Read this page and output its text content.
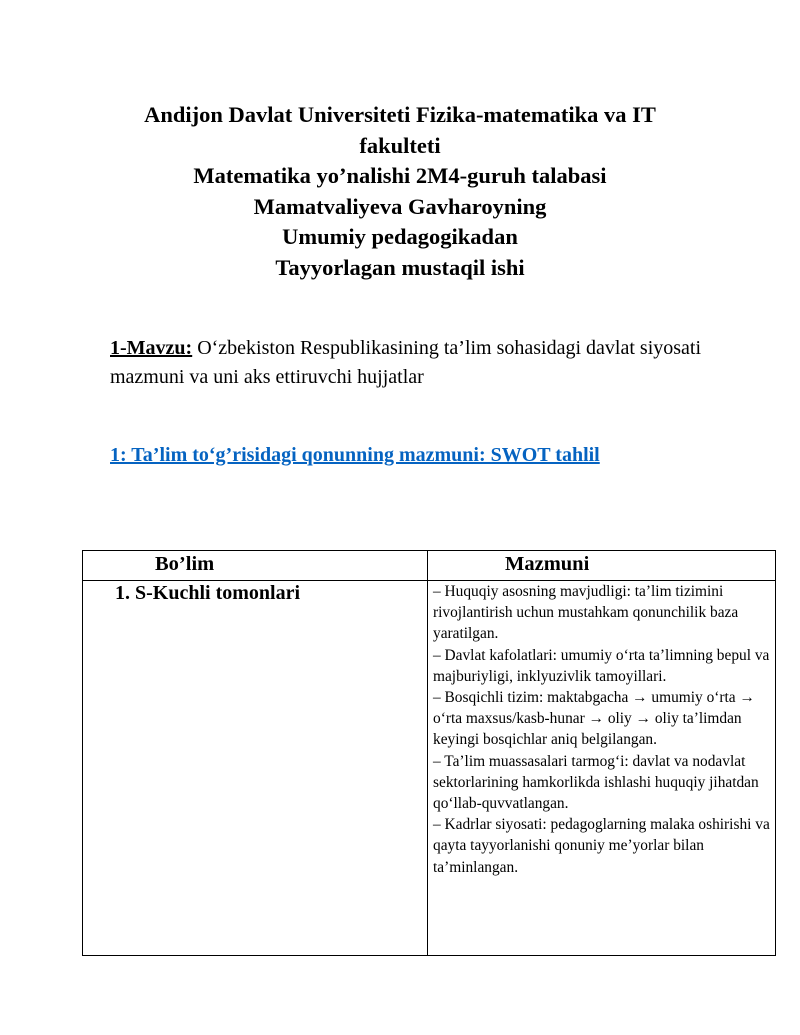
Andijon Davlat Universiteti Fizika-matematika va IT
fakulteti
Matematika yo’nalishi 2M4-guruh talabasi
Mamatvaliyeva Gavharoyning
Umumiy pedagogikadan
Tayyorlagan mustaqil ishi
1-Mavzu: O‘zbekiston Respublikasining ta’lim sohasidagi davlat siyosati mazmuni va uni aks ettiruvchi hujjatlar
1: Ta’lim to‘g’risidagi qonunning mazmuni: SWOT tahlil
Bo’lim	Mazmuni
1. S-Kuchli tomonlari	– Huquqiy asosning mavjudligi: ta’lim tizimini rivojlantirish uchun mustahkam qonunchilik baza yaratilgan.
– Davlat kafolatlari: umumiy o‘rta ta’limning bepul va majburiyligi, inklyuzivlik tamoyillari.
– Bosqichli tizim: maktabgacha → umumiy o‘rta → o‘rta maxsus/kasb-hunar → oliy → oliy ta’limdan keyingi bosqichlar aniq belgilangan.
– Ta’lim muassasalari tarmog‘i: davlat va nodavlat sektorlarining hamkorlikda ishlashi huquqiy jihatdan qo‘llab-quvvatlangan.
– Kadrlar siyosati: pedagoglarning malaka oshirishi va qayta tayyorlanishi qonuniy me’yorlar bilan ta’minlangan.
